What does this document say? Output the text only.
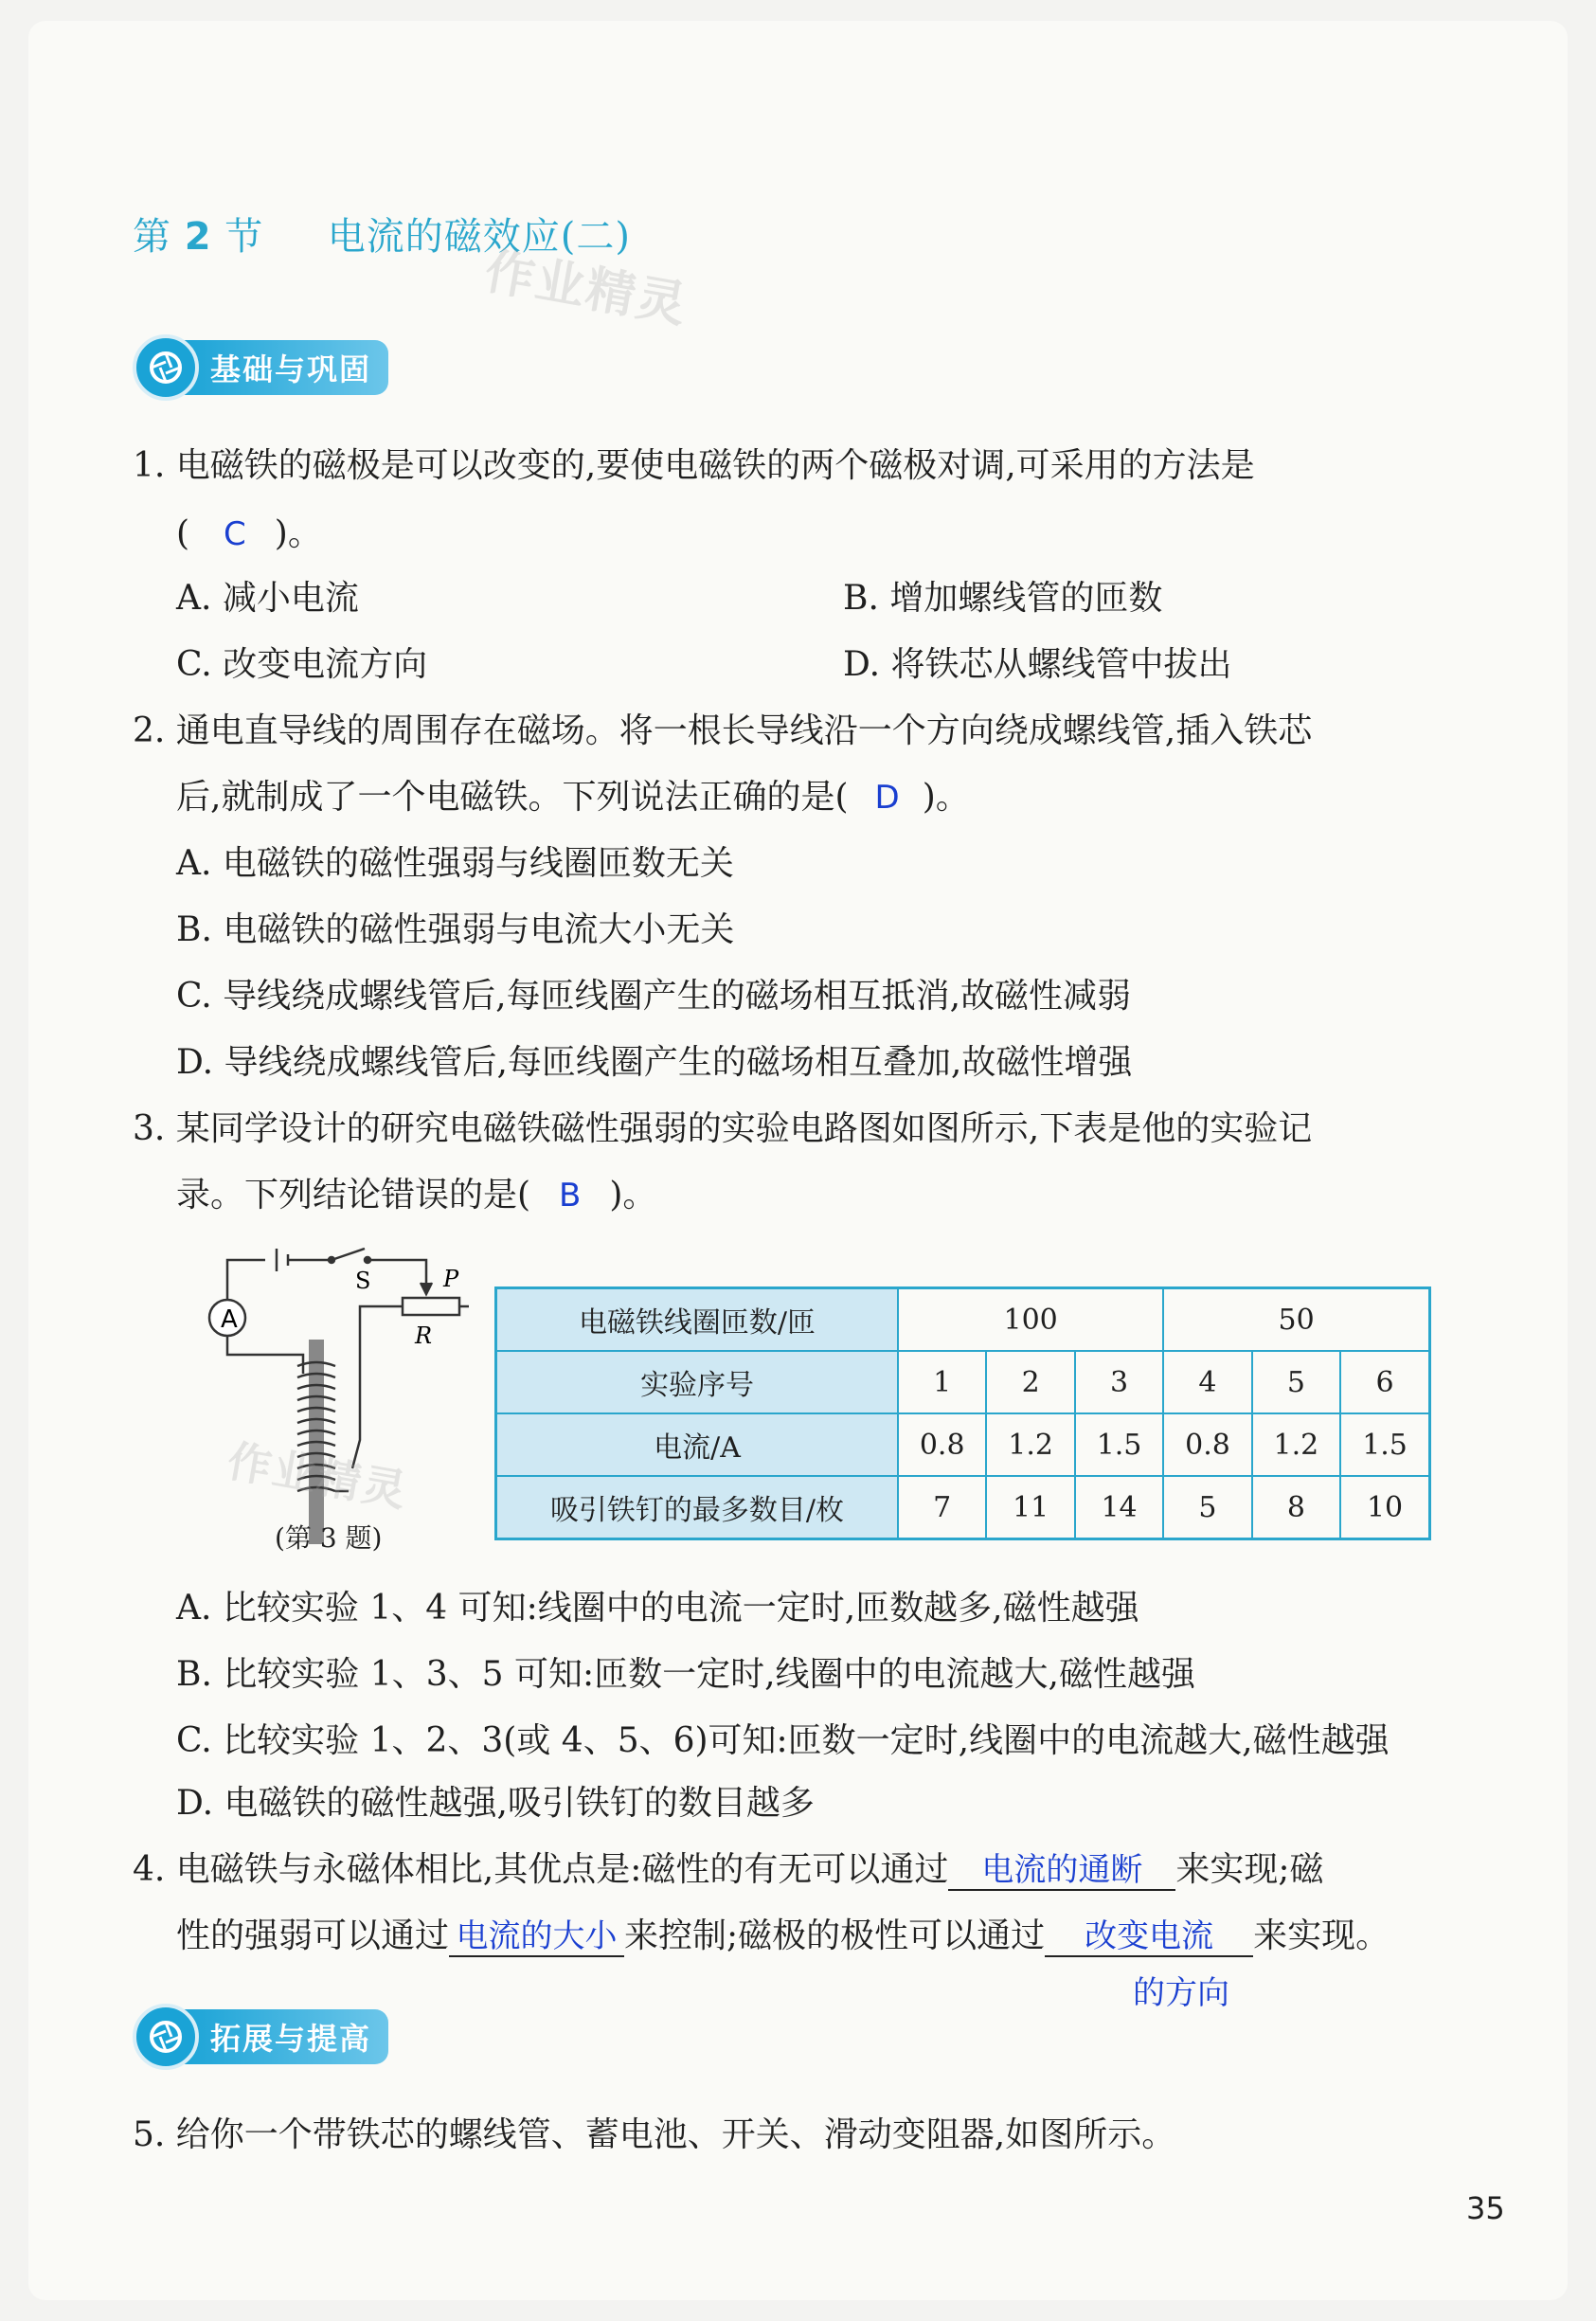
第 2 节 电流的磁效应(二)
作业精灵
基础与巩固
1. 电磁铁的磁极是可以改变的,要使电磁铁的两个磁极对调,可采用的方法是
( C )。
A. 减小电流	B. 增加螺线管的匝数
C. 改变电流方向	D. 将铁芯从螺线管中拔出
2. 通电直导线的周围存在磁场。将一根长导线沿一个方向绕成螺线管,插入铁芯
后,就制成了一个电磁铁。下列说法正确的是( D )。
A. 电磁铁的磁性强弱与线圈匝数无关
B. 电磁铁的磁性强弱与电流大小无关
C. 导线绕成螺线管后,每匝线圈产生的磁场相互抵消,故磁性减弱
D. 导线绕成螺线管后,每匝线圈产生的磁场相互叠加,故磁性增强
3. 某同学设计的研究电磁铁磁性强弱的实验电路图如图所示,下表是他的实验记
录。下列结论错误的是( B )。
A
S	P
R
作业精灵
(第 3 题)
电磁铁线圈匝数/匝	100			50		
实验序号	1	2	3	4	5	6
电流/A	0.8	1.2	1.5	0.8	1.2	1.5
吸引铁钉的最多数目/枚	7	11	14	5	8	10
A. 比较实验 1、4 可知:线圈中的电流一定时,匝数越多,磁性越强
B. 比较实验 1、3、5 可知:匝数一定时,线圈中的电流越大,磁性越强
C. 比较实验 1、2、3(或 4、5、6)可知:匝数一定时,线圈中的电流越大,磁性越强
D. 电磁铁的磁性越强,吸引铁钉的数目越多
4. 电磁铁与永磁体相比,其优点是:磁性的有无可以通过 电流的通断 来实现;磁
性的强弱可以通过 电流的大小 来控制;磁极的极性可以通过 改变电流 来实现。
的方向
拓展与提高
5. 给你一个带铁芯的螺线管、蓄电池、开关、滑动变阻器,如图所示。
35
